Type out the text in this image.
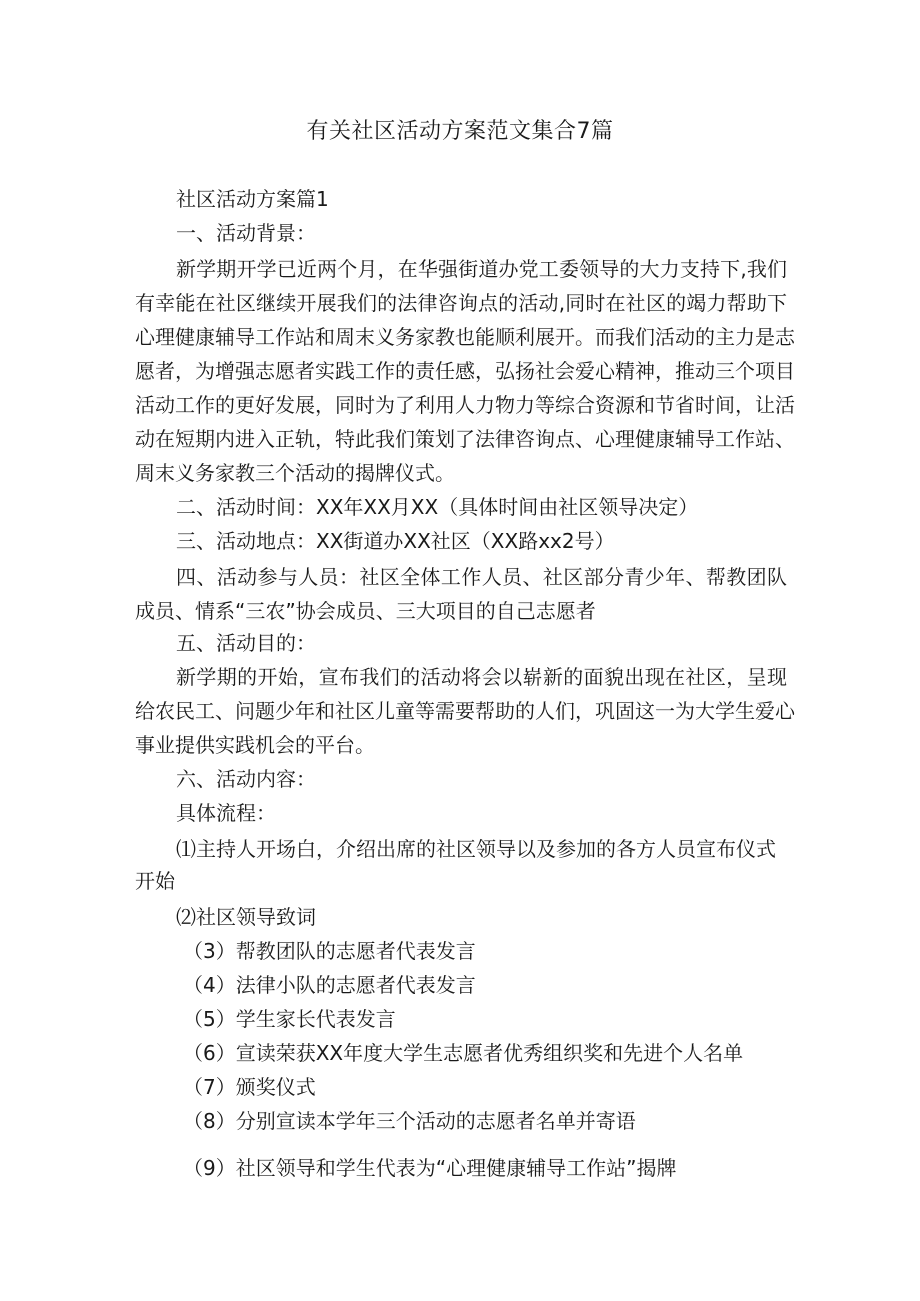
有关社区活动方案范文集合7篇
社区活动方案篇1
一、活动背景：
新学期开学已近两个月，在华强街道办党工委领导的大力支持下,我们
有幸能在社区继续开展我们的法律咨询点的活动,同时在社区的竭力帮助下
心理健康辅导工作站和周末义务家教也能顺利展开。而我们活动的主力是志
愿者，为增强志愿者实践工作的责任感，弘扬社会爱心精神，推动三个项目
活动工作的更好发展，同时为了利用人力物力等综合资源和节省时间，让活
动在短期内进入正轨，特此我们策划了法律咨询点、心理健康辅导工作站、
周末义务家教三个活动的揭牌仪式。
二、活动时间：XX年XX月XX（具体时间由社区领导决定）
三、活动地点：XX街道办XX社区（XX路xx2号）
四、活动参与人员：社区全体工作人员、社区部分青少年、帮教团队
成员、情系“三农”协会成员、三大项目的自己志愿者
五、活动目的：
新学期的开始，宣布我们的活动将会以崭新的面貌出现在社区，呈现
给农民工、问题少年和社区儿童等需要帮助的人们，巩固这一为大学生爱心
事业提供实践机会的平台。
六、活动内容：
具体流程：
⑴主持人开场白，介绍出席的社区领导以及参加的各方人员宣布仪式
开始
⑵社区领导致词
（3）帮教团队的志愿者代表发言
（4）法律小队的志愿者代表发言
（5）学生家长代表发言
（6）宣读荣获XX年度大学生志愿者优秀组织奖和先进个人名单
（7）颁奖仪式
（8）分别宣读本学年三个活动的志愿者名单并寄语
（9）社区领导和学生代表为“心理健康辅导工作站”揭牌
